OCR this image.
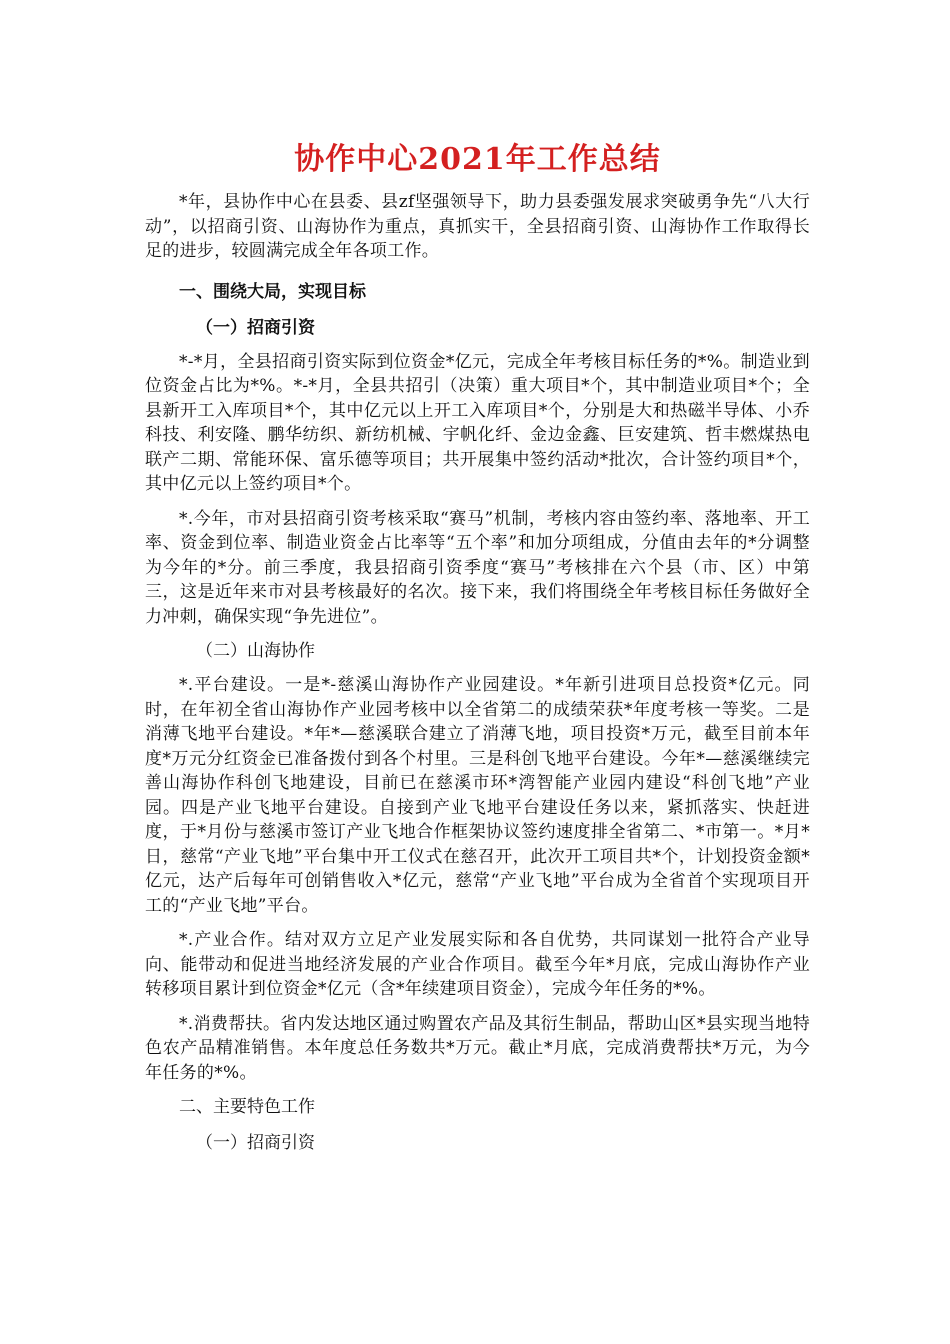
协作中心2021年工作总结

*年，县协作中心在县委、县zf坚强领导下，助力县委强发展求突破勇争先“八大行动”，以招商引资、山海协作为重点，真抓实干，全县招商引资、山海协作工作取得长足的进步，较圆满完成全年各项工作。

一、围绕大局，实现目标
（一）招商引资

*-*月，全县招商引资实际到位资金*亿元，完成全年考核目标任务的*%。制造业到位资金占比为*%。*-*月，全县共招引（决策）重大项目*个，其中制造业项目*个；全县新开工入库项目*个，其中亿元以上开工入库项目*个，分别是大和热磁半导体、小乔科技、利安隆、鹏华纺织、新纺机械、宇帆化纤、金边金鑫、巨安建筑、哲丰燃煤热电联产二期、常能环保、富乐德等项目；共开展集中签约活动*批次，合计签约项目*个，其中亿元以上签约项目*个。

*.今年，市对县招商引资考核采取“赛马”机制，考核内容由签约率、落地率、开工率、资金到位率、制造业资金占比率等“五个率”和加分项组成，分值由去年的*分调整为今年的*分。前三季度，我县招商引资季度“赛马”考核排在六个县（市、区）中第三，这是近年来市对县考核最好的名次。接下来，我们将围绕全年考核目标任务做好全力冲刺，确保实现“争先进位”。

（二）山海协作

*.平台建设。一是*-慈溪山海协作产业园建设。*年新引进项目总投资*亿元。同时，在年初全省山海协作产业园考核中以全省第二的成绩荣获*年度考核一等奖。二是消薄飞地平台建设。*年*—慈溪联合建立了消薄飞地，项目投资*万元，截至目前本年度*万元分红资金已准备拨付到各个村里。三是科创飞地平台建设。今年*—慈溪继续完善山海协作科创飞地建设，目前已在慈溪市环*湾智能产业园内建设“科创飞地”产业园。四是产业飞地平台建设。自接到产业飞地平台建设任务以来，紧抓落实、快赶进度，于*月份与慈溪市签订产业飞地合作框架协议签约速度排全省第二、*市第一。*月*日，慈常“产业飞地”平台集中开工仪式在慈召开，此次开工项目共*个，计划投资金额*亿元，达产后每年可创销售收入*亿元，慈常“产业飞地”平台成为全省首个实现项目开工的“产业飞地”平台。

*.产业合作。结对双方立足产业发展实际和各自优势，共同谋划一批符合产业导向、能带动和促进当地经济发展的产业合作项目。截至今年*月底，完成山海协作产业转移项目累计到位资金*亿元（含*年续建项目资金），完成今年任务的*%。

*.消费帮扶。省内发达地区通过购置农产品及其衍生制品，帮助山区*县实现当地特色农产品精准销售。本年度总任务数共*万元。截止*月底，完成消费帮扶*万元，为今年任务的*%。

二、主要特色工作
（一）招商引资
